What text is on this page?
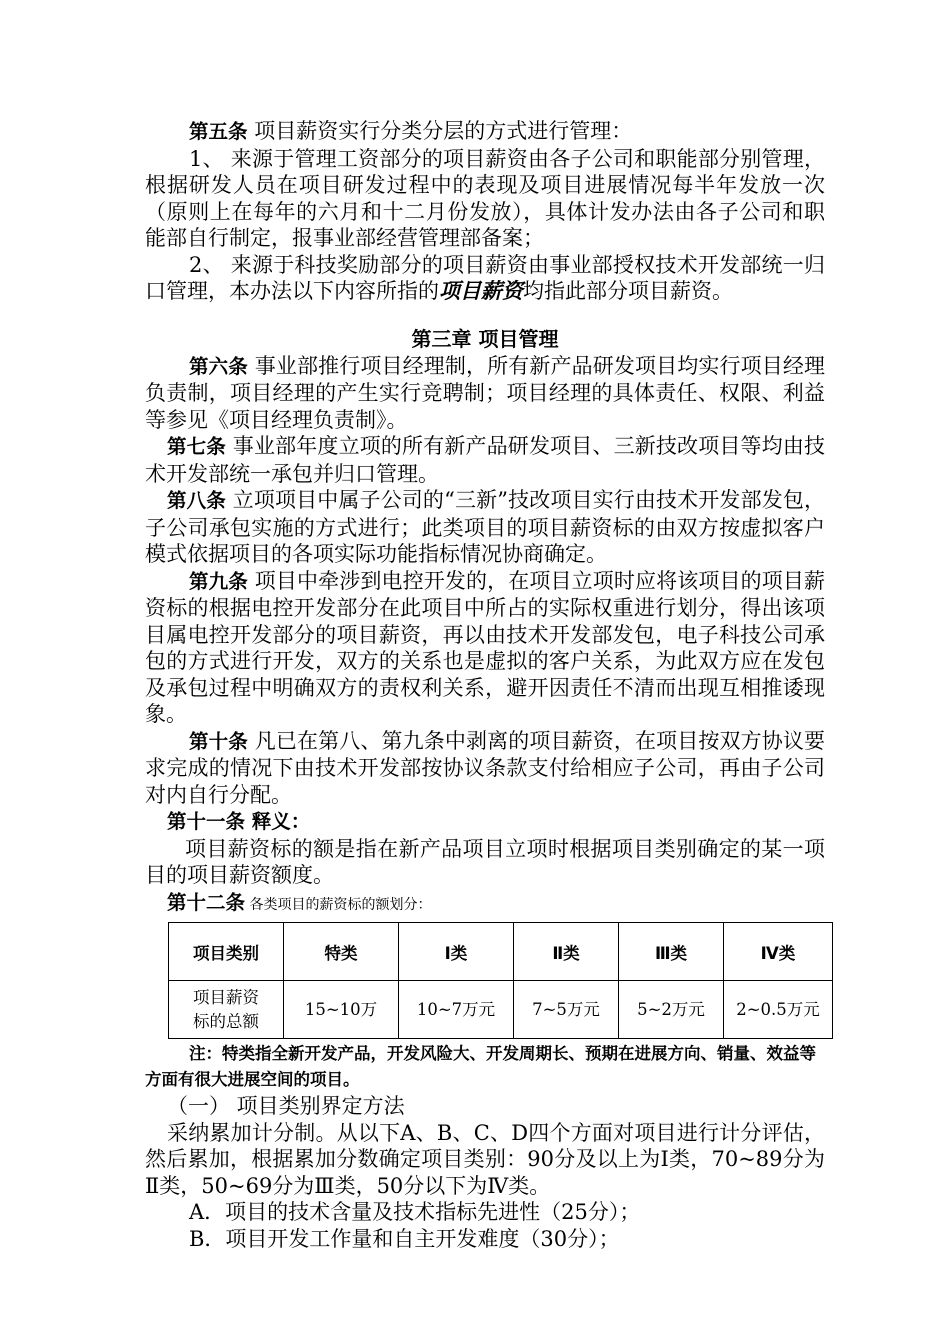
第五条 项目薪资实行分类分层的方式进行管理：

1、 来源于管理工资部分的项目薪资由各子公司和职能部分别管理，根据研发人员在项目研发过程中的表现及项目进展情况每半年发放一次（原则上在每年的六月和十二月份发放），具体计发办法由各子公司和职能部自行制定，报事业部经营管理部备案；

2、 来源于科技奖励部分的项目薪资由事业部授权技术开发部统一归口管理，本办法以下内容所指的项目薪资均指此部分项目薪资。

第三章 项目管理

第六条 事业部推行项目经理制，所有新产品研发项目均实行项目经理负责制，项目经理的产生实行竞聘制；项目经理的具体责任、权限、利益等参见《项目经理负责制》。

第七条 事业部年度立项的所有新产品研发项目、三新技改项目等均由技术开发部统一承包并归口管理。

第八条 立项项目中属子公司的“三新”技改项目实行由技术开发部发包，子公司承包实施的方式进行；此类项目的项目薪资标的由双方按虚拟客户模式依据项目的各项实际功能指标情况协商确定。

第九条 项目中牵涉到电控开发的，在项目立项时应将该项目的项目薪资标的根据电控开发部分在此项目中所占的实际权重进行划分，得出该项目属电控开发部分的项目薪资，再以由技术开发部发包，电子科技公司承包的方式进行开发，双方的关系也是虚拟的客户关系，为此双方应在发包及承包过程中明确双方的责权利关系，避开因责任不清而出现互相推诿现象。

第十条 凡已在第八、第九条中剥离的项目薪资，在项目按双方协议要求完成的情况下由技术开发部按协议条款支付给相应子公司，再由子公司对内自行分配。

第十一条 释义：

项目薪资标的额是指在新产品项目立项时根据项目类别确定的某一项目的项目薪资额度。

第十二条 各类项目的薪资标的额划分：

项目类别	特类	Ⅰ类	Ⅱ类	Ⅲ类	Ⅳ类
项目薪资
标的总额	15~10万	10~7万元	7~5万元	5~2万元	2~0.5万元

注：特类指全新开发产品，开发风险大、开发周期长、预期在进展方向、销量、效益等方面有很大进展空间的项目。

（一） 项目类别界定方法

采纳累加计分制。从以下A、B、C、D四个方面对项目进行计分评估，然后累加，根据累加分数确定项目类别：90分及以上为Ⅰ类，70~89分为Ⅱ类，50~69分为Ⅲ类，50分以下为Ⅳ类。

A．项目的技术含量及技术指标先进性（25分）；

B．项目开发工作量和自主开发难度（30分）；
